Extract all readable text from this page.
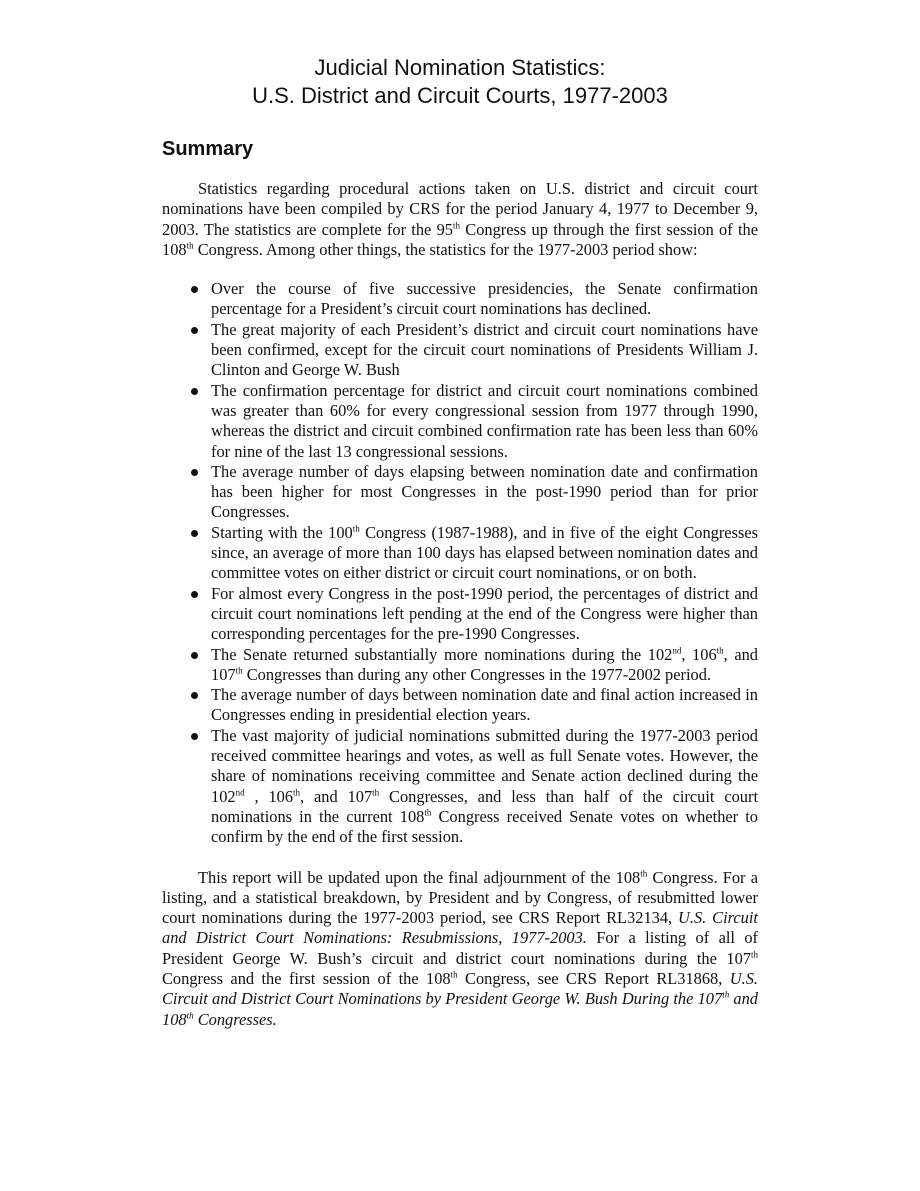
Judicial Nomination Statistics:
U.S. District and Circuit Courts, 1977-2003
Summary

Statistics regarding procedural actions taken on U.S. district and circuit court nominations have been compiled by CRS for the period January 4, 1977 to December 9, 2003. The statistics are complete for the 95th Congress up through the first session of the 108th Congress. Among other things, the statistics for the 1977-2003 period show:

Over the course of five successive presidencies, the Senate confirmation percentage for a President’s circuit court nominations has declined.
The great majority of each President’s district and circuit court nominations have been confirmed, except for the circuit court nominations of Presidents William J. Clinton and George W. Bush
The confirmation percentage for district and circuit court nominations combined was greater than 60% for every congressional session from 1977 through 1990, whereas the district and circuit combined confirmation rate has been less than 60% for nine of the last 13 congressional sessions.
The average number of days elapsing between nomination date and confirmation has been higher for most Congresses in the post-1990 period than for prior Congresses.
Starting with the 100th Congress (1987-1988), and in five of the eight Congresses since, an average of more than 100 days has elapsed between nomination dates and committee votes on either district or circuit court nominations, or on both.
For almost every Congress in the post-1990 period, the percentages of district and circuit court nominations left pending at the end of the Congress were higher than corresponding percentages for the pre-1990 Congresses.
The Senate returned substantially more nominations during the 102nd, 106th, and 107th Congresses than during any other Congresses in the 1977-2002 period.
The average number of days between nomination date and final action increased in Congresses ending in presidential election years.
The vast majority of judicial nominations submitted during the 1977-2003 period received committee hearings and votes, as well as full Senate votes. However, the share of nominations receiving committee and Senate action declined during the 102nd , 106th, and 107th Congresses, and less than half of the circuit court nominations in the current 108th Congress received Senate votes on whether to confirm by the end of the first session.

This report will be updated upon the final adjournment of the 108th Congress. For a listing, and a statistical breakdown, by President and by Congress, of resubmitted lower court nominations during the 1977-2003 period, see CRS Report RL32134, U.S. Circuit and District Court Nominations: Resubmissions, 1977-2003. For a listing of all of President George W. Bush’s circuit and district court nominations during the 107th Congress and the first session of the 108th Congress, see CRS Report RL31868, U.S. Circuit and District Court Nominations by President George W. Bush During the 107th and 108th Congresses.
